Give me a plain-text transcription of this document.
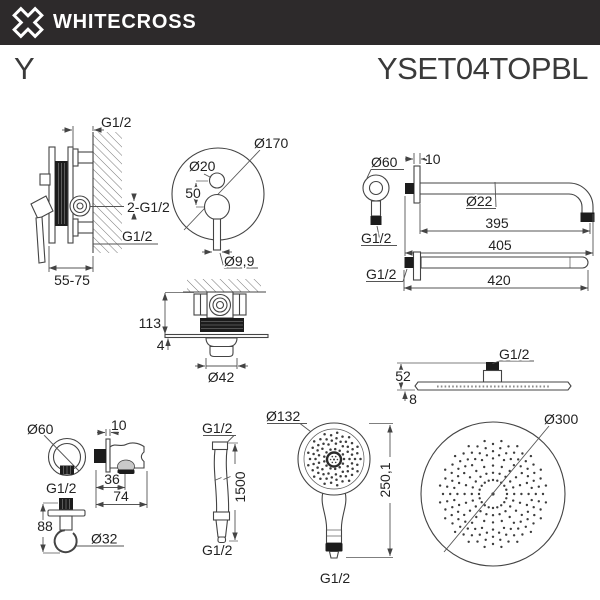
WHITECROSS
Y	YSET04TOPBL
G1/2
2-G1/2
G1/2
55-75
Ø170
Ø20
50
Ø9,9
Ø60 10
Ø22
395
405
G1/2
G1/2	420
113
4
Ø42
Ø60
G1/2
10
36
74
88
Ø32
G1/2
1500
G1/2
Ø132
250,1
G1/2
G1/2
52
8
Ø300
